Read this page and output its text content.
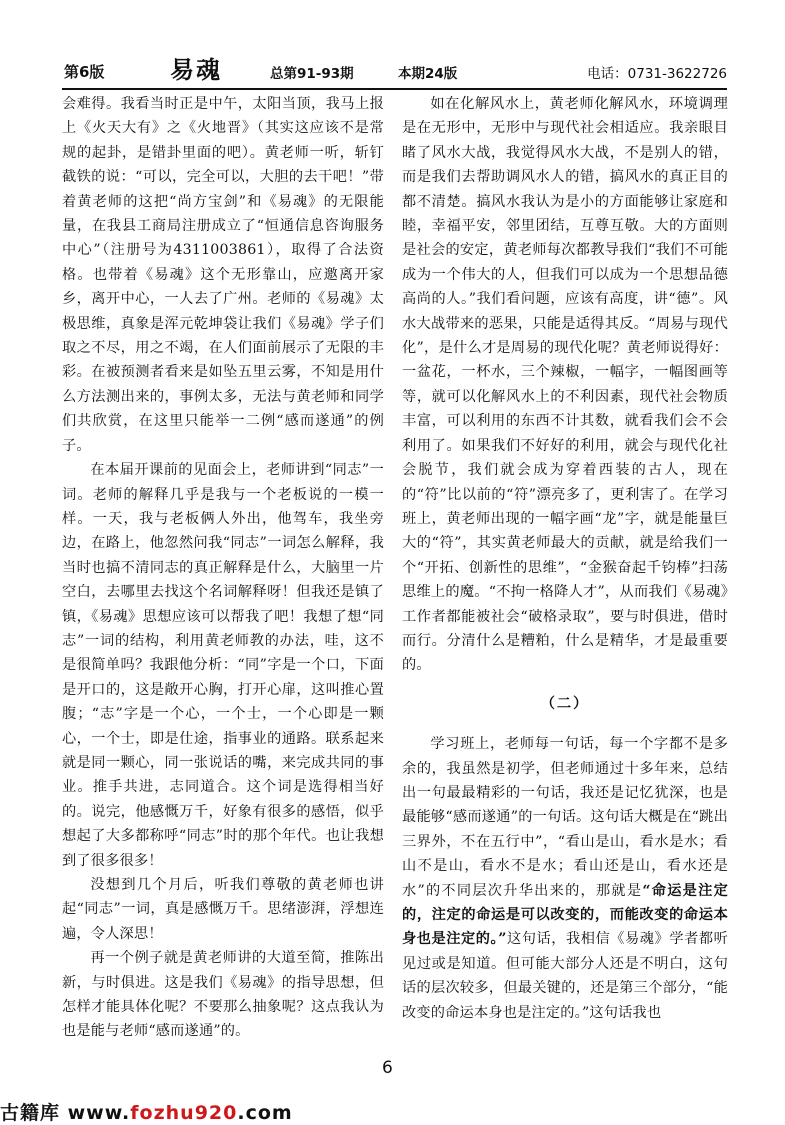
第6版	易魂	总第91-93期	本期24版	电话：0731-3622726

会难得。我看当时正是中午，太阳当顶，我马上报上《火天大有》之《火地晋》（其实这应该不是常规的起卦，是错卦里面的吧）。黄老师一听，斩钉截铁的说：“可以，完全可以，大胆的去干吧！”带着黄老师的这把“尚方宝剑”和《易魂》的无限能量，在我县工商局注册成立了“恒通信息咨询服务中心”（注册号为4311003861），取得了合法资格。也带着《易魂》这个无形靠山，应邀离开家乡，离开中心，一人去了广州。老师的《易魂》太极思维，真象是浑元乾坤袋让我们《易魂》学子们取之不尽，用之不竭，在人们面前展示了无限的丰彩。在被预测者看来是如坠五里云雾，不知是用什么方法测出来的，事例太多，无法与黄老师和同学们共欣赏，在这里只能举一二例“感而遂通”的例子。

在本届开课前的见面会上，老师讲到“同志”一词。老师的解释几乎是我与一个老板说的一模一样。一天，我与老板俩人外出，他驾车，我坐旁边，在路上，他忽然问我“同志”一词怎么解释，我当时也搞不清同志的真正解释是什么，大脑里一片空白，去哪里去找这个名词解释呀！但我还是镇了镇，《易魂》思想应该可以帮我了吧！我想了想“同志”一词的结构，利用黄老师教的办法，哇，这不是很简单吗？我跟他分析：“同”字是一个口，下面是开口的，这是敞开心胸，打开心扉，这叫推心置腹；“志”字是一个心，一个士，一个心即是一颗心，一个士，即是仕途，指事业的通路。联系起来就是同一颗心，同一张说话的嘴，来完成共同的事业。推手共进，志同道合。这个词是选得相当好的。说完，他感慨万千，好象有很多的感悟，似乎想起了大多都称呼“同志”时的那个年代。也让我想到了很多很多！

没想到几个月后，听我们尊敬的黄老师也讲起“同志”一词，真是感慨万千。思绪澎湃，浮想连遍，令人深思！

再一个例子就是黄老师讲的大道至简，推陈出新，与时俱进。这是我们《易魂》的指导思想，但怎样才能具体化呢？不要那么抽象呢？这点我认为也是能与老师“感而遂通”的。

如在化解风水上，黄老师化解风水，环境调理是在无形中，无形中与现代社会相适应。我亲眼目睹了风水大战，我觉得风水大战，不是别人的错，而是我们去帮助调风水人的错，搞风水的真正目的都不清楚。搞风水我认为是小的方面能够让家庭和睦，幸福平安，邻里团结，互尊互敬。大的方面则是社会的安定，黄老师每次都教导我们“我们不可能成为一个伟大的人，但我们可以成为一个思想品德高尚的人。”我们看问题，应该有高度，讲“德”。风水大战带来的恶果，只能是适得其反。“周易与现代化”，是什么才是周易的现代化呢？黄老师说得好：一盆花，一杯水，三个辣椒，一幅字，一幅图画等等，就可以化解风水上的不利因素，现代社会物质丰富，可以利用的东西不计其数，就看我们会不会利用了。如果我们不好好的利用，就会与现代化社会脱节，我们就会成为穿着西装的古人，现在的“符”比以前的“符”漂亮多了，更利害了。在学习班上，黄老师出现的一幅字画“龙”字，就是能量巨大的“符”，其实黄老师最大的贡献，就是给我们一个“开拓、创新性的思维”，“金猴奋起千钧棒”扫荡思维上的魔。“不拘一格降人才”，从而我们《易魂》工作者都能被社会“破格录取”，要与时俱进，借时而行。分清什么是糟粕，什么是精华，才是最重要的。

（二）

学习班上，老师每一句话，每一个字都不是多余的，我虽然是初学，但老师通过十多年来，总结出一句最最精彩的一句话，我还是记忆犹深，也是最能够“感而遂通”的一句话。这句话大概是在“跳出三界外，不在五行中”，“看山是山，看水是水；看山不是山，看水不是水；看山还是山，看水还是水”的不同层次升华出来的，那就是“命运是注定的，注定的命运是可以改变的，而能改变的命运本身也是注定的。”这句话，我相信《易魂》学者都听见过或是知道。但可能大部分人还是不明白，这句话的层次较多，但最关键的，还是第三个部分，“能改变的命运本身也是注定的。”这句话我也

6
古籍库 www.fozhu920.com
